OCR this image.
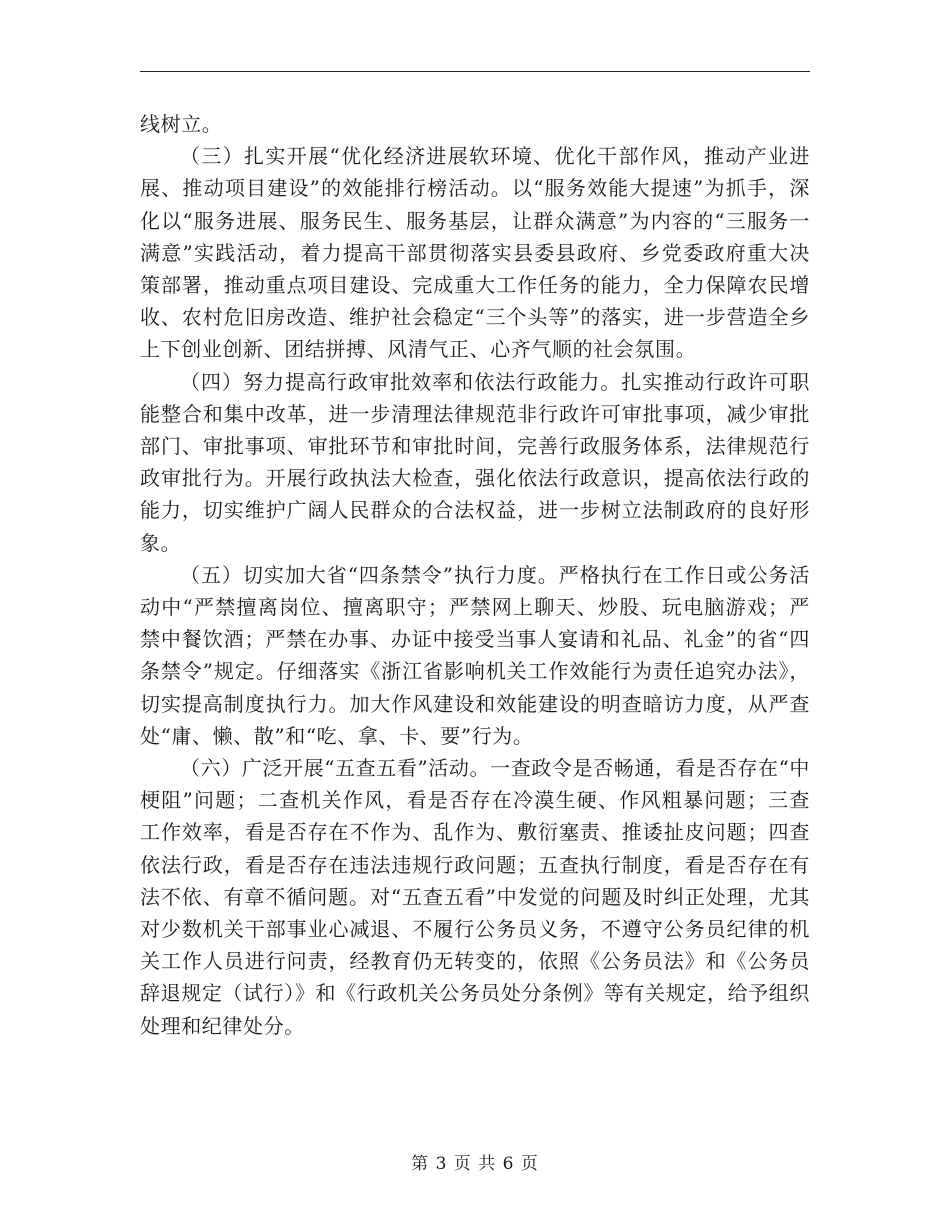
线树立。

（三）扎实开展“优化经济进展软环境、优化干部作风，推动产业进展、推动项目建设”的效能排行榜活动。以“服务效能大提速”为抓手，深化以“服务进展、服务民生、服务基层，让群众满意”为内容的“三服务一满意”实践活动，着力提高干部贯彻落实县委县政府、乡党委政府重大决策部署，推动重点项目建设、完成重大工作任务的能力，全力保障农民增收、农村危旧房改造、维护社会稳定“三个头等”的落实，进一步营造全乡上下创业创新、团结拼搏、风清气正、心齐气顺的社会氛围。

（四）努力提高行政审批效率和依法行政能力。扎实推动行政许可职能整合和集中改革，进一步清理法律规范非行政许可审批事项，减少审批部门、审批事项、审批环节和审批时间，完善行政服务体系，法律规范行政审批行为。开展行政执法大检查，强化依法行政意识，提高依法行政的能力，切实维护广阔人民群众的合法权益，进一步树立法制政府的良好形象。

（五）切实加大省“四条禁令”执行力度。严格执行在工作日或公务活动中“严禁擅离岗位、擅离职守；严禁网上聊天、炒股、玩电脑游戏；严禁中餐饮酒；严禁在办事、办证中接受当事人宴请和礼品、礼金”的省“四条禁令”规定。仔细落实《浙江省影响机关工作效能行为责任追究办法》，切实提高制度执行力。加大作风建设和效能建设的明查暗访力度，从严查处“庸、懒、散”和“吃、拿、卡、要”行为。

（六）广泛开展“五查五看”活动。一查政令是否畅通，看是否存在“中梗阻”问题；二查机关作风，看是否存在冷漠生硬、作风粗暴问题；三查工作效率，看是否存在不作为、乱作为、敷衍塞责、推诿扯皮问题；四查依法行政，看是否存在违法违规行政问题；五查执行制度，看是否存在有法不依、有章不循问题。对“五查五看”中发觉的问题及时纠正处理，尤其对少数机关干部事业心减退、不履行公务员义务，不遵守公务员纪律的机关工作人员进行问责，经教育仍无转变的，依照《公务员法》和《公务员辞退规定（试行）》和《行政机关公务员处分条例》等有关规定，给予组织处理和纪律处分。

第 3 页 共 6 页
